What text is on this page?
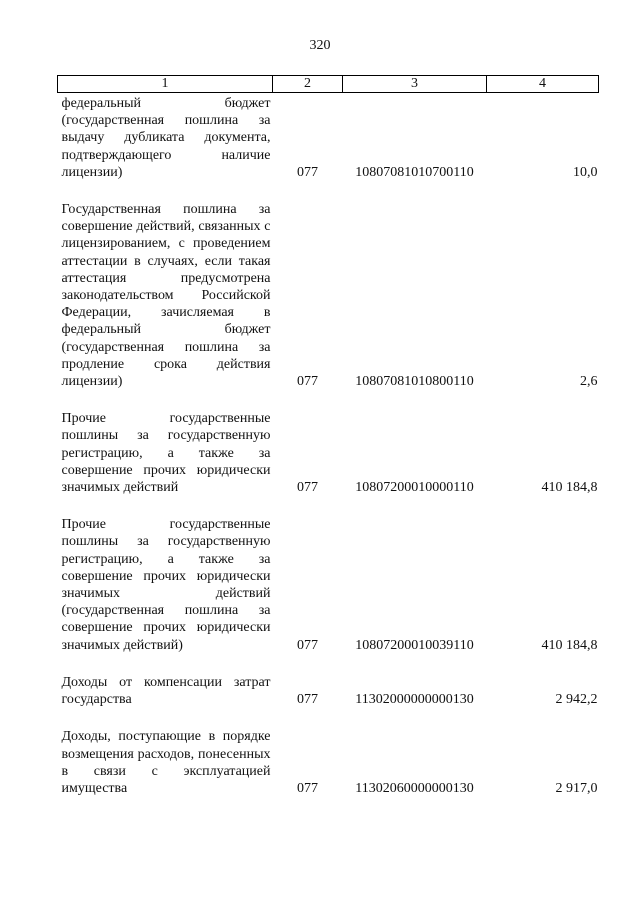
320
1	2	3	4
федеральный бюджет (государственная пошлина за выдачу дубликата документа, подтверждающего наличие лицензии)	077	10807081010700110	10,0
Государственная пошлина за совершение действий, связанных с лицензированием, с проведением аттестации в случаях, если такая аттестация предусмотрена законодательством Российской Федерации, зачисляемая в федеральный бюджет (государственная пошлина за продление срока действия лицензии)	077	10807081010800110	2,6
Прочие государственные пошлины за государственную регистрацию, а также за совершение прочих юридически значимых действий	077	10807200010000110	410 184,8
Прочие государственные пошлины за государственную регистрацию, а также за совершение прочих юридически значимых действий (государственная пошлина за совершение прочих юридически значимых действий)	077	10807200010039110	410 184,8
Доходы от компенсации затрат государства	077	11302000000000130	2 942,2
Доходы, поступающие в порядке возмещения расходов, понесенных в связи с эксплуатацией имущества	077	11302060000000130	2 917,0
